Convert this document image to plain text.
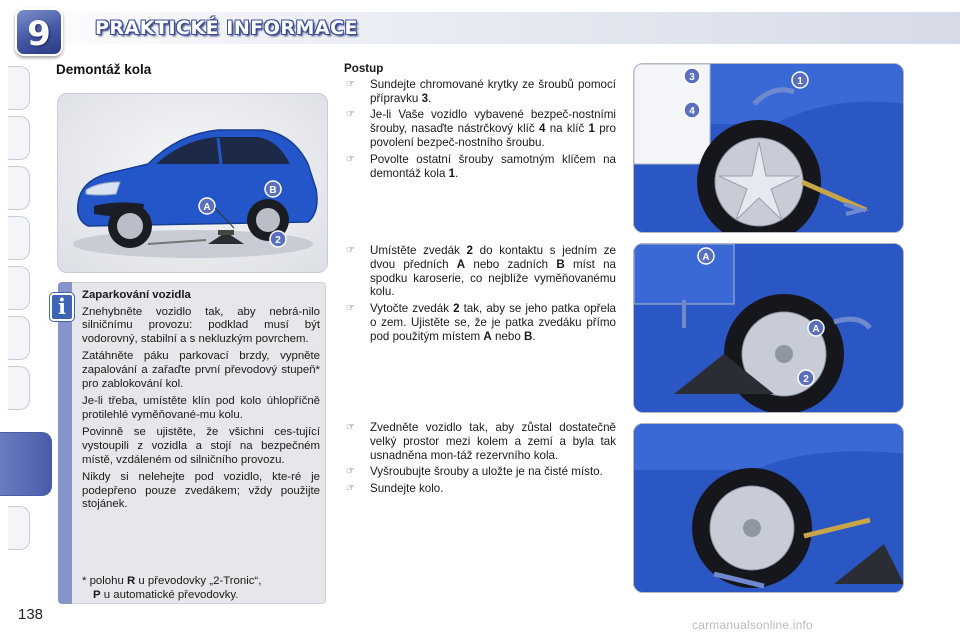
9	PRAKTICKÉ INFORMACE
Demontáž kola
A
B
2
i	Zaparkování vozidla

Znehybněte vozidlo tak, aby nebrá-nilo silničnímu provozu: podklad musí být vodorovný, stabilní a s nekluzkým povrchem.

Zatáhněte páku parkovací brzdy, vypněte zapalování a zařaďte první převodový stupeň* pro zablokování kol.

Je-li třeba, umístěte klín pod kolo úhlopříčně protilehlé vyměňované-mu kolu.

Povinně se ujistěte, že všichni ces-tující vystoupili z vozidla a stojí na bezpečném místě, vzdáleném od silničního provozu.

Nikdy si nelehejte pod vozidlo, kte-ré je podepřeno pouze zvedákem; vždy použijte stojánek.

* polohu R u převodovky „2-Tronic“,
P u automatické převodovky.
Postup
☞ Sundejte chromované krytky ze šroubů pomocí přípravku 3.
☞ Je-li Vaše vozidlo vybavené bezpeč-nostními šrouby, nasaďte nástrčkový klíč 4 na klíč 1 pro povolení bezpeč-nostního šroubu.
☞ Povolte ostatní šrouby samotným klíčem na demontáž kola 1.
☞ Umístěte zvedák 2 do kontaktu s jedním ze dvou předních A nebo zadních B míst na spodku karoserie, co nejblíže vyměňovanému kolu.
☞ Vytočte zvedák 2 tak, aby se jeho patka opřela o zem. Ujistěte se, že je patka zvedáku přímo pod použitým místem A nebo B.
☞ Zvedněte vozidlo tak, aby zůstal dostatečně velký prostor mezi kolem a zemí a byla tak usnadněna mon-táž rezervního kola.
☞ Vyšroubujte šrouby a uložte je na čisté místo.
☞ Sundejte kolo.
3	1
4
A
A
2
138
carmanualsonline.info
